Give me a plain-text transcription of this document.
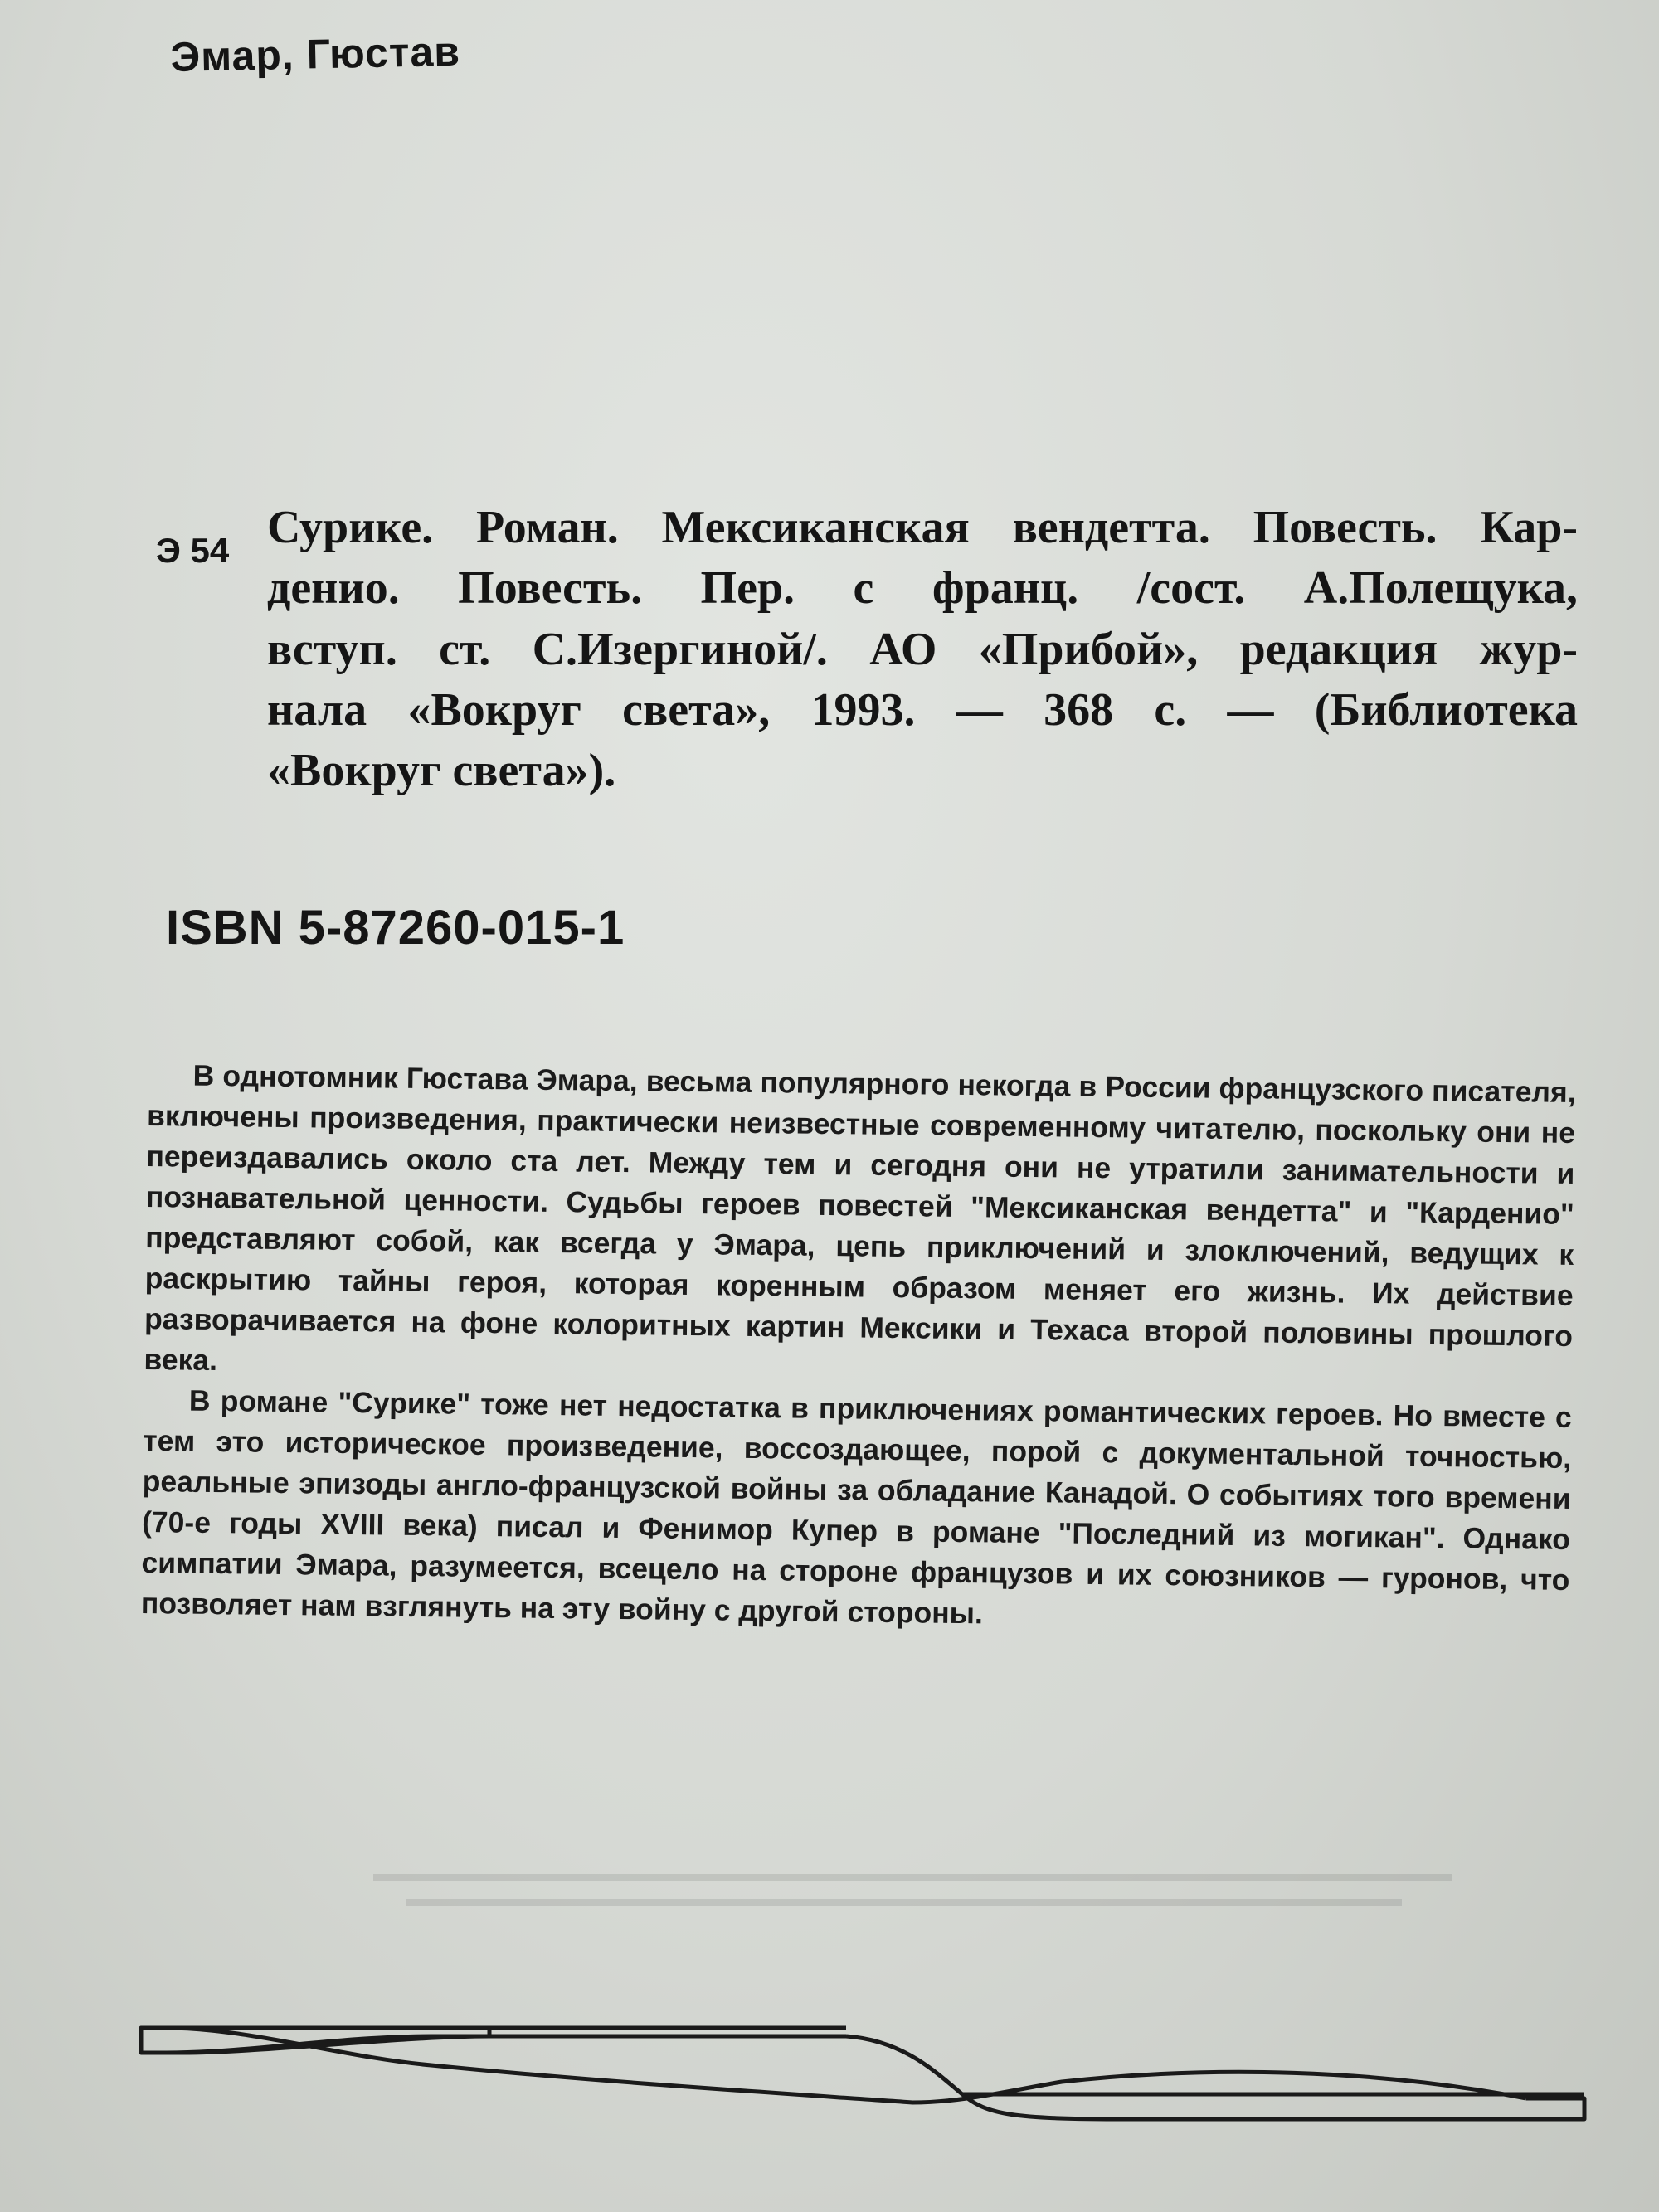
Эмар, Гюстав
Э 54 Сурике. Роман. Мексиканская вендетта. Повесть. Кар-
денио. Повесть. Пер. с франц. /сост. А.Полещука,
вступ. ст. С.Изергиной/. АО «Прибой», редакция жур-
нала «Вокруг света», 1993. — 368 с. — (Библиотека
«Вокруг света»).
ISBN 5-87260-015-1

В однотомник Гюстава Эмара, весьма популярного некогда в России французского писателя, включены произведения, практически неизвестные современному читателю, поскольку они не переиздавались около ста лет. Между тем и сегодня они не утратили занимательности и познавательной ценности. Судьбы героев повестей "Мексиканская вендетта" и "Карденио" представляют собой, как всегда у Эмара, цепь приключений и злоключений, ведущих к раскрытию тайны героя, которая коренным образом меняет его жизнь. Их действие разворачивается на фоне колоритных картин Мексики и Техаса второй половины прошлого века.

В романе "Сурике" тоже нет недостатка в приключениях романтических героев. Но вместе с тем это историческое произведение, воссоздающее, порой с документальной точностью, реальные эпизоды англо-французской войны за обладание Канадой. О событиях того времени (70-е годы XVIII века) писал и Фенимор Купер в романе "Последний из могикан". Однако симпатии Эмара, разумеется, всецело на стороне французов и их союзников — гуронов, что позволяет нам взглянуть на эту войну с другой стороны.
